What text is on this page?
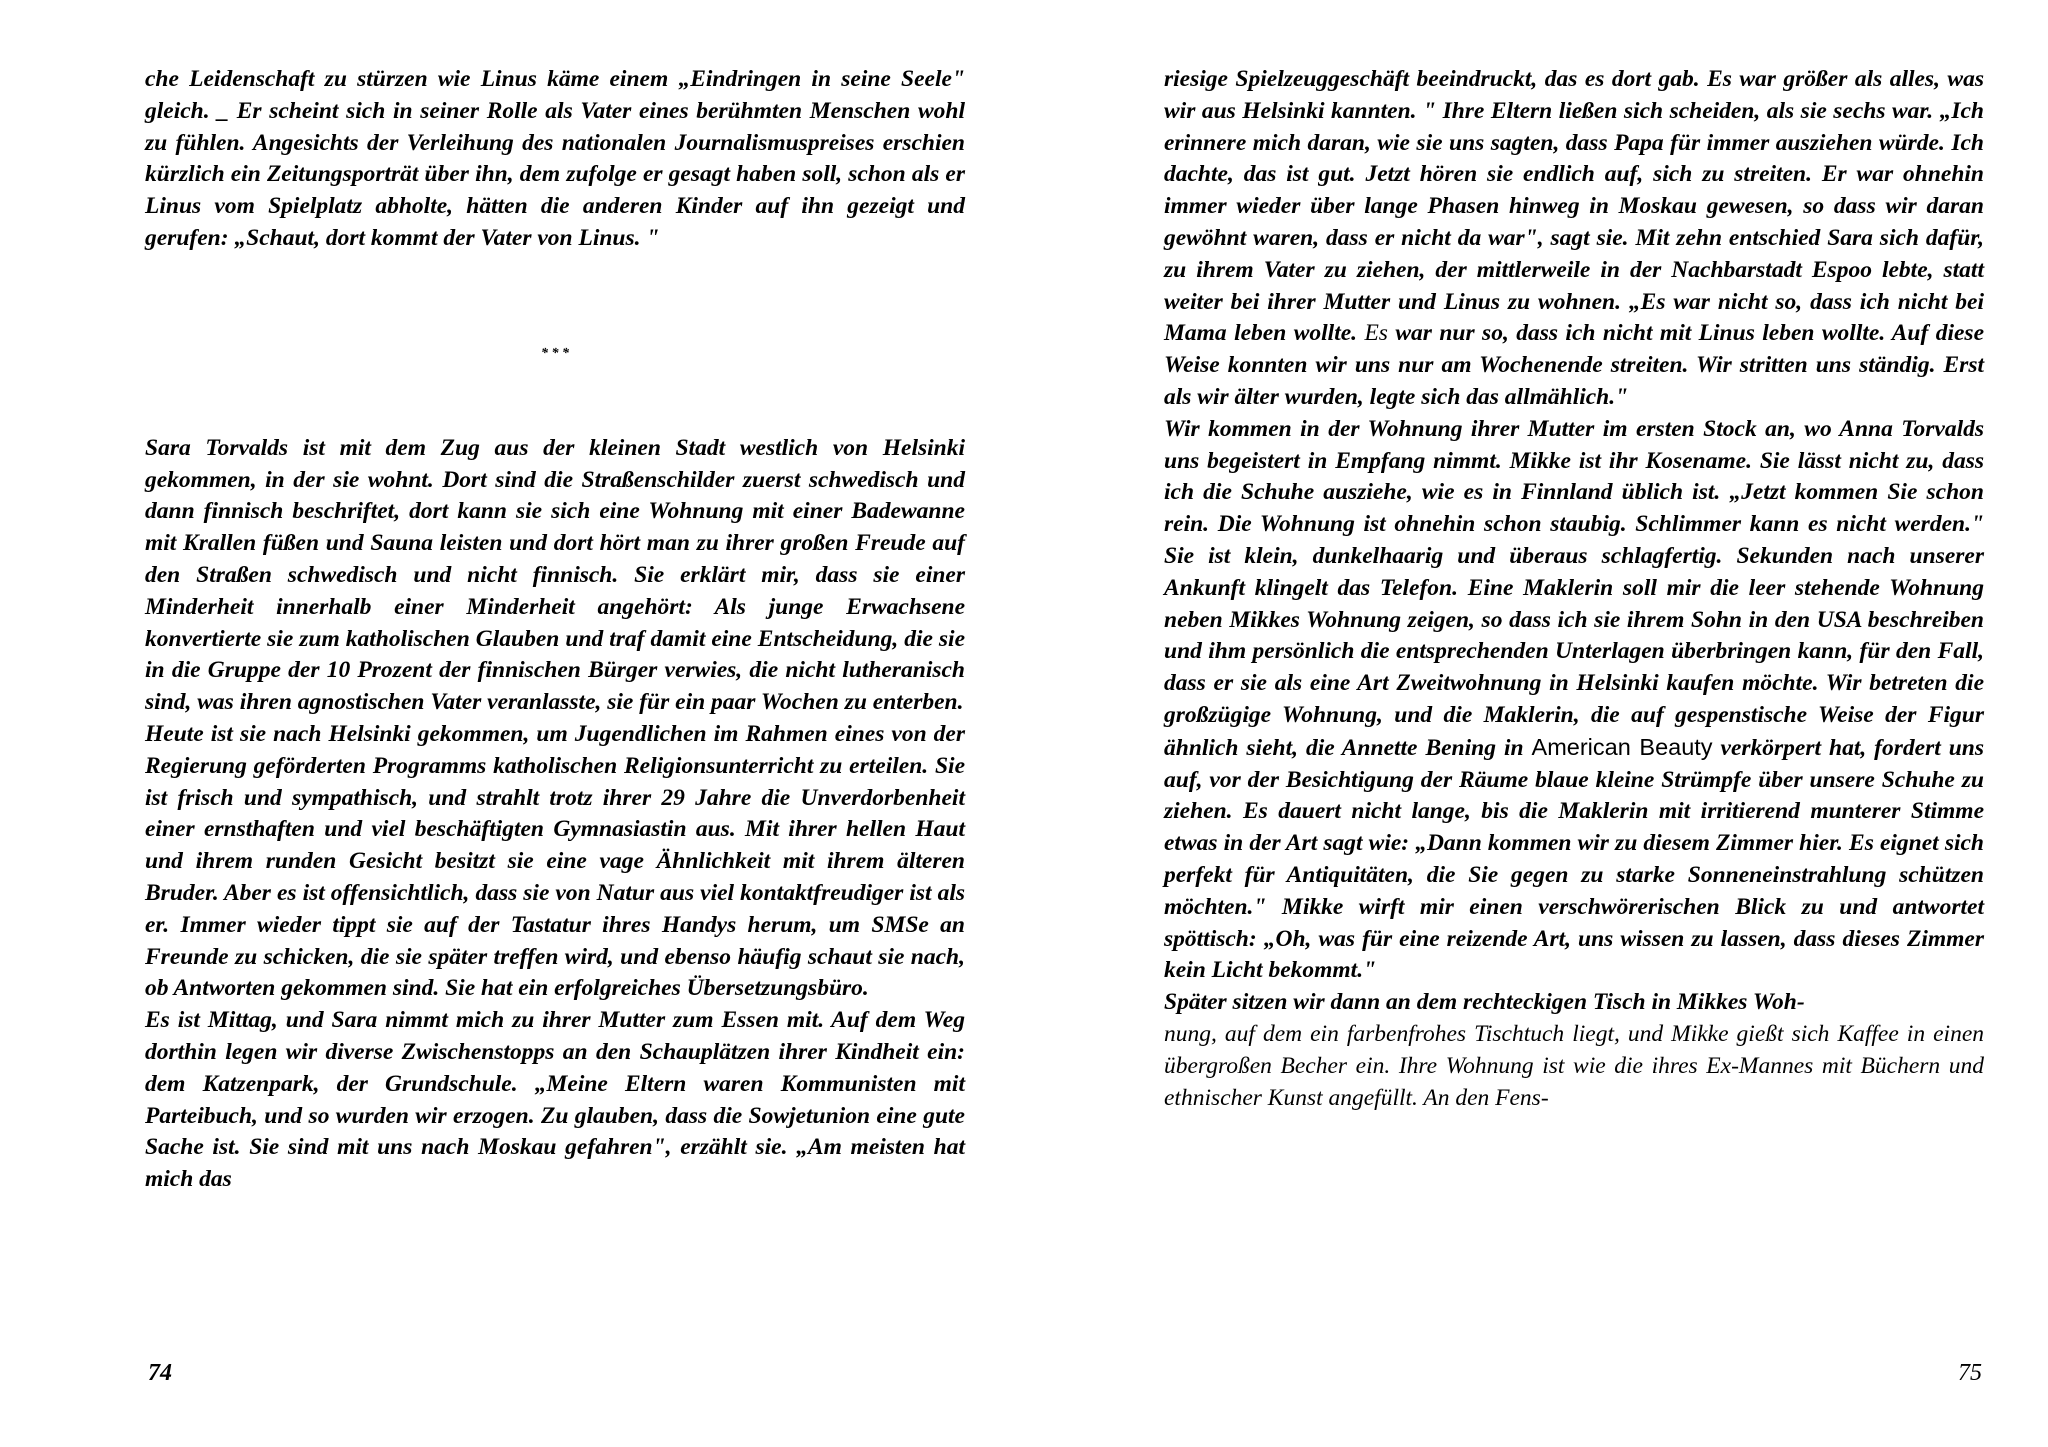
che Leidenschaft zu stürzen wie Linus käme einem „Eindringen in seine Seele" gleich. _ Er scheint sich in seiner Rolle als Vater eines berühmten Menschen wohl zu fühlen. Angesichts der Verleihung des nationalen Journalismuspreises erschien kürzlich ein Zeitungsporträt über ihn, dem zufolge er gesagt haben soll, schon als er Linus vom Spielplatz abholte, hätten die anderen Kinder auf ihn gezeigt und gerufen: „Schaut, dort kommt der Vater von Linus. "

* * *

Sara Torvalds ist mit dem Zug aus der kleinen Stadt westlich von Helsinki gekommen, in der sie wohnt. Dort sind die Straßenschilder zuerst schwedisch und dann finnisch beschriftet, dort kann sie sich eine Wohnung mit einer Badewanne mit Krallen füßen und Sauna leisten und dort hört man zu ihrer großen Freude auf den Straßen schwedisch und nicht finnisch. Sie erklärt mir, dass sie einer Minderheit innerhalb einer Minderheit angehört: Als junge Erwachsene konvertierte sie zum katholischen Glauben und traf damit eine Entscheidung, die sie in die Gruppe der 10 Prozent der finnischen Bürger verwies, die nicht lutheranisch sind, was ihren agnostischen Vater veranlasste, sie für ein paar Wochen zu enterben.

Heute ist sie nach Helsinki gekommen, um Jugendlichen im Rahmen eines von der Regierung geförderten Programms katholischen Religionsunterricht zu erteilen. Sie ist frisch und sympathisch, und strahlt trotz ihrer 29 Jahre die Unverdorbenheit einer ernsthaften und viel beschäftigten Gymnasiastin aus. Mit ihrer hellen Haut und ihrem runden Gesicht besitzt sie eine vage Ähnlichkeit mit ihrem älteren Bruder. Aber es ist offensichtlich, dass sie von Natur aus viel kontaktfreudiger ist als er. Immer wieder tippt sie auf der Tastatur ihres Handys herum, um SMSe an Freunde zu schicken, die sie später treffen wird, und ebenso häufig schaut sie nach, ob Antworten gekommen sind. Sie hat ein erfolgreiches Übersetzungsbüro.

Es ist Mittag, und Sara nimmt mich zu ihrer Mutter zum Essen mit. Auf dem Weg dorthin legen wir diverse Zwischenstopps an den Schauplätzen ihrer Kindheit ein: dem Katzenpark, der Grundschule. „Meine Eltern waren Kommunisten mit Parteibuch, und so wurden wir erzogen. Zu glauben, dass die Sowjetunion eine gute Sache ist. Sie sind mit uns nach Moskau gefahren", erzählt sie. „Am meisten hat mich das

74

riesige Spielzeuggeschäft beeindruckt, das es dort gab. Es war größer als alles, was wir aus Helsinki kannten. " Ihre Eltern ließen sich scheiden, als sie sechs war. „Ich erinnere mich daran, wie sie uns sagten, dass Papa für immer ausziehen würde. Ich dachte, das ist gut. Jetzt hören sie endlich auf, sich zu streiten. Er war ohnehin immer wieder über lange Phasen hinweg in Moskau gewesen, so dass wir daran gewöhnt waren, dass er nicht da war", sagt sie. Mit zehn entschied Sara sich dafür, zu ihrem Vater zu ziehen, der mittlerweile in der Nachbarstadt Espoo lebte, statt weiter bei ihrer Mutter und Linus zu wohnen. „Es war nicht so, dass ich nicht bei Mama leben wollte. Es war nur so, dass ich nicht mit Linus leben wollte. Auf diese Weise konnten wir uns nur am Wochenende streiten. Wir stritten uns ständig. Erst als wir älter wurden, legte sich das allmählich."

Wir kommen in der Wohnung ihrer Mutter im ersten Stock an, wo Anna Torvalds uns begeistert in Empfang nimmt. Mikke ist ihr Kosename. Sie lässt nicht zu, dass ich die Schuhe ausziehe, wie es in Finnland üblich ist. „Jetzt kommen Sie schon rein. Die Wohnung ist ohnehin schon staubig. Schlimmer kann es nicht werden." Sie ist klein, dunkelhaarig und überaus schlagfertig. Sekunden nach unserer Ankunft klingelt das Telefon. Eine Maklerin soll mir die leer stehende Wohnung neben Mikkes Wohnung zeigen, so dass ich sie ihrem Sohn in den USA beschreiben und ihm persönlich die entsprechenden Unterlagen überbringen kann, für den Fall, dass er sie als eine Art Zweitwohnung in Helsinki kaufen möchte. Wir betreten die großzügige Wohnung, und die Maklerin, die auf gespenstische Weise der Figur ähnlich sieht, die Annette Bening in American Beauty verkörpert hat, fordert uns auf, vor der Besichtigung der Räume blaue kleine Strümpfe über unsere Schuhe zu ziehen. Es dauert nicht lange, bis die Maklerin mit irritierend munterer Stimme etwas in der Art sagt wie: „Dann kommen wir zu diesem Zimmer hier. Es eignet sich perfekt für Antiquitäten, die Sie gegen zu starke Sonneneinstrahlung schützen möchten." Mikke wirft mir einen verschwörerischen Blick zu und antwortet spöttisch: „Oh, was für eine reizende Art, uns wissen zu lassen, dass dieses Zimmer kein Licht bekommt."

Später sitzen wir dann an dem rechteckigen Tisch in Mikkes Woh-

nung, auf dem ein farbenfrohes Tischtuch liegt, und Mikke gießt sich Kaffee in einen übergroßen Becher ein. Ihre Wohnung ist wie die ihres Ex-Mannes mit Büchern und ethnischer Kunst angefüllt. An den Fens-

75
